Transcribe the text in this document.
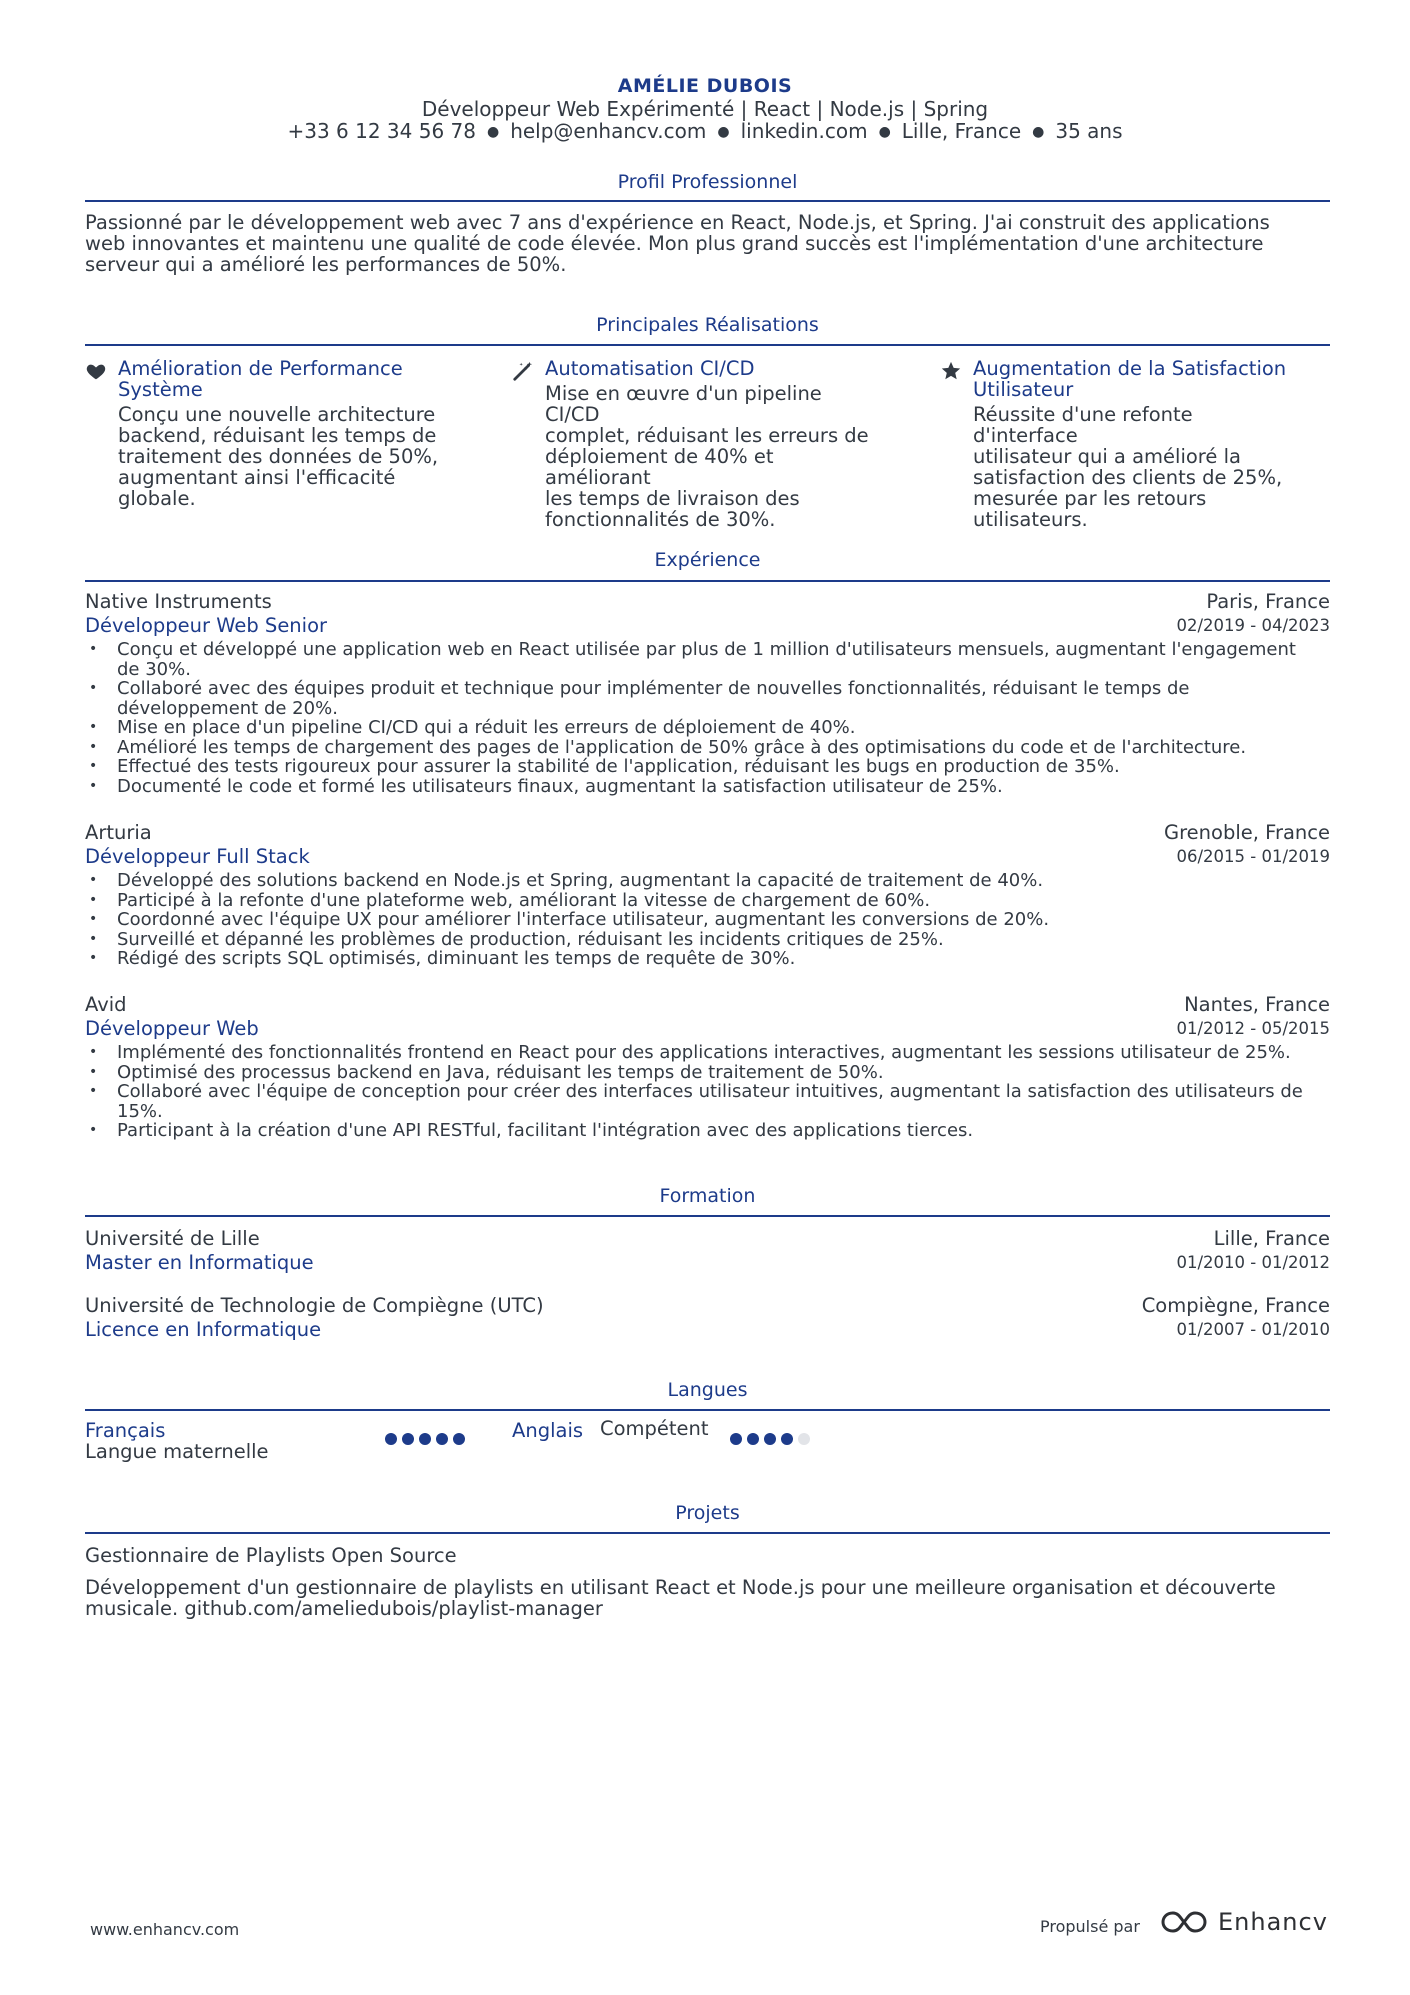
AMÉLIE DUBOIS
Développeur Web Expérimenté | React | Node.js | Spring
+33 6 12 34 56 78 ● help@enhancv.com ● linkedin.com ● Lille, France ● 35 ans
Profil Professionnel
Passionné par le développement web avec 7 ans d'expérience en React, Node.js, et Spring. J'ai construit des applications
web innovantes et maintenu une qualité de code élevée. Mon plus grand succès est l'implémentation d'une architecture
serveur qui a amélioré les performances de 50%.
Principales Réalisations
Amélioration de Performance
Système
Conçu une nouvelle architecture
backend, réduisant les temps de
traitement des données de 50%,
augmentant ainsi l'efficacité
globale.
Automatisation CI/CD
Mise en œuvre d'un pipeline CI/CD
complet, réduisant les erreurs de
déploiement de 40% et améliorant
les temps de livraison des
fonctionnalités de 30%.
Augmentation de la Satisfaction
Utilisateur
Réussite d'une refonte d'interface
utilisateur qui a amélioré la
satisfaction des clients de 25%,
mesurée par les retours
utilisateurs.
Expérience
Native Instruments	Paris, France
Développeur Web Senior	02/2019 - 04/2023
• Conçu et développé une application web en React utilisée par plus de 1 million d'utilisateurs mensuels, augmentant l'engagement
de 30%.
• Collaboré avec des équipes produit et technique pour implémenter de nouvelles fonctionnalités, réduisant le temps de
développement de 20%.
• Mise en place d'un pipeline CI/CD qui a réduit les erreurs de déploiement de 40%.
• Amélioré les temps de chargement des pages de l'application de 50% grâce à des optimisations du code et de l'architecture.
• Effectué des tests rigoureux pour assurer la stabilité de l'application, réduisant les bugs en production de 35%.
• Documenté le code et formé les utilisateurs finaux, augmentant la satisfaction utilisateur de 25%.
Arturia	Grenoble, France
Développeur Full Stack	06/2015 - 01/2019
• Développé des solutions backend en Node.js et Spring, augmentant la capacité de traitement de 40%.
• Participé à la refonte d'une plateforme web, améliorant la vitesse de chargement de 60%.
• Coordonné avec l'équipe UX pour améliorer l'interface utilisateur, augmentant les conversions de 20%.
• Surveillé et dépanné les problèmes de production, réduisant les incidents critiques de 25%.
• Rédigé des scripts SQL optimisés, diminuant les temps de requête de 30%.
Avid	Nantes, France
Développeur Web	01/2012 - 05/2015
• Implémenté des fonctionnalités frontend en React pour des applications interactives, augmentant les sessions utilisateur de 25%.
• Optimisé des processus backend en Java, réduisant les temps de traitement de 50%.
• Collaboré avec l'équipe de conception pour créer des interfaces utilisateur intuitives, augmentant la satisfaction des utilisateurs de
15%.
• Participant à la création d'une API RESTful, facilitant l'intégration avec des applications tierces.
Formation
Université de Lille	Lille, France
Master en Informatique	01/2010 - 01/2012
Université de Technologie de Compiègne (UTC)	Compiègne, France
Licence en Informatique	01/2007 - 01/2010
Langues
Français
Langue maternelle
Anglais Compétent
Projets
Gestionnaire de Playlists Open Source
Développement d'un gestionnaire de playlists en utilisant React et Node.js pour une meilleure organisation et découverte
musicale. github.com/ameliedubois/playlist-manager
www.enhancv.com	Propulsé par	Enhancv
